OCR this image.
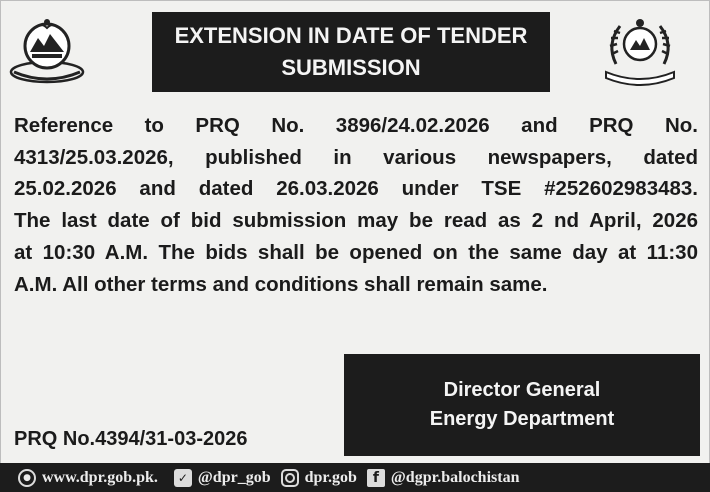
EXTENSION IN DATE OF TENDER
SUBMISSION
Reference to PRQ No. 3896/24.02.2026 and PRQ No.
4313/25.03.2026, published in various newspapers, dated
25.02.2026 and dated 26.03.2026 under TSE #252602983483.
The last date of bid submission may be read as 2 nd April, 2026
at 10:30 A.M. The bids shall be opened on the same day at 11:30
A.M. All other terms and conditions shall remain same.
Director General
Energy Department
PRQ No.4394/31-03-2026
● www.dpr.gob.pk.	✓ @dpr_gob dpr.gob	f @dgpr.balochistan
